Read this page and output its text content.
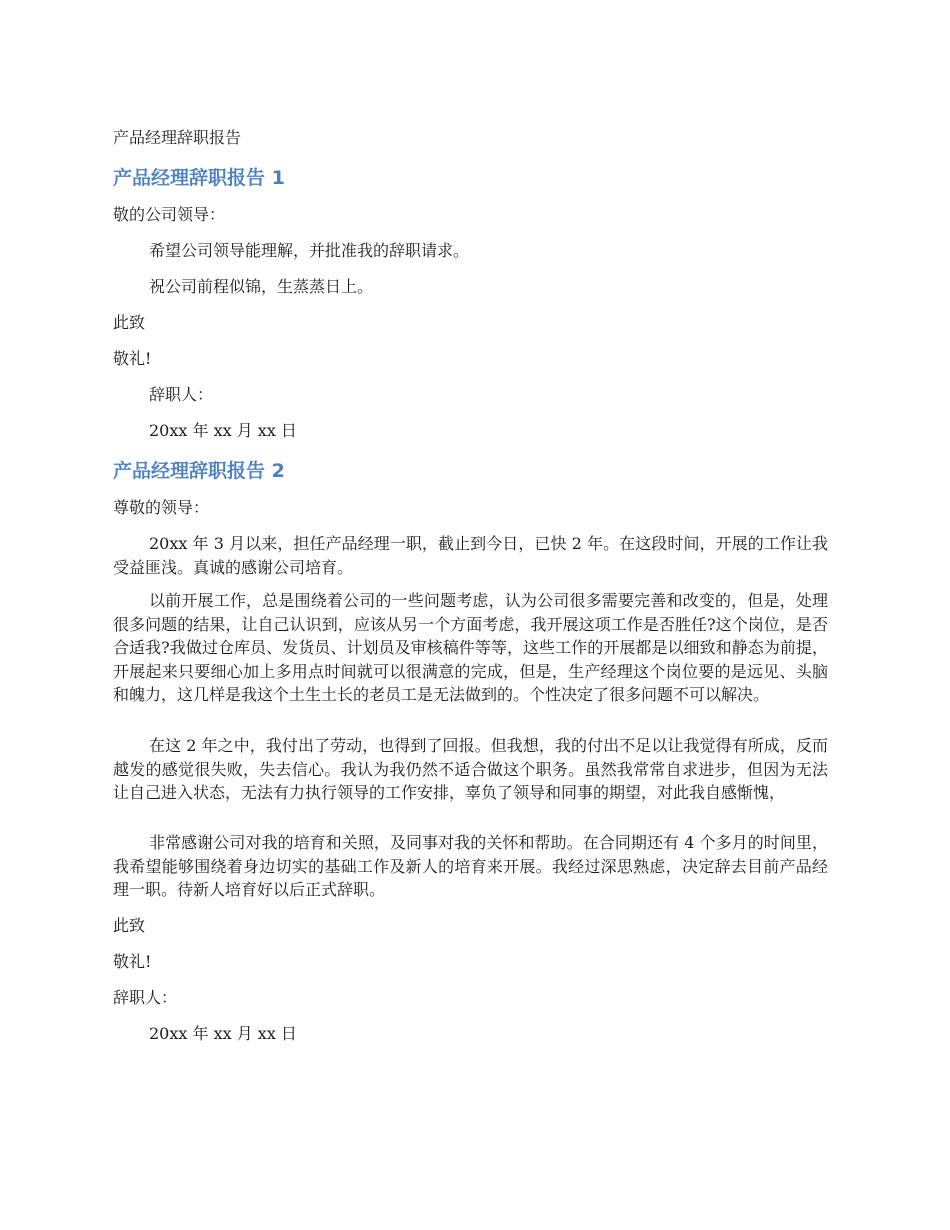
产品经理辞职报告
产品经理辞职报告 1
敬的公司领导：
希望公司领导能理解，并批准我的辞职请求。
祝公司前程似锦，生蒸蒸日上。
此致
敬礼!
辞职人：
20xx 年 xx 月 xx 日
产品经理辞职报告 2
尊敬的领导：
20xx 年 3 月以来，担任产品经理一职，截止到今日，已快 2 年。在这段时间，开展的工作让我受益匪浅。真诚的感谢公司培育。
以前开展工作，总是围绕着公司的一些问题考虑，认为公司很多需要完善和改变的，但是，处理很多问题的结果，让自己认识到，应该从另一个方面考虑，我开展这项工作是否胜任?这个岗位，是否合适我?我做过仓库员、发货员、计划员及审核稿件等等，这些工作的开展都是以细致和静态为前提，开展起来只要细心加上多用点时间就可以很满意的完成，但是，生产经理这个岗位要的是远见、头脑和魄力，这几样是我这个土生土长的老员工是无法做到的。个性决定了很多问题不可以解决。
在这 2 年之中，我付出了劳动，也得到了回报。但我想，我的付出不足以让我觉得有所成，反而越发的感觉很失败，失去信心。我认为我仍然不适合做这个职务。虽然我常常自求进步，但因为无法让自己进入状态，无法有力执行领导的工作安排，辜负了领导和同事的期望，对此我自感惭愧，
非常感谢公司对我的培育和关照，及同事对我的关怀和帮助。在合同期还有 4 个多月的时间里，我希望能够围绕着身边切实的基础工作及新人的培育来开展。我经过深思熟虑，决定辞去目前产品经理一职。待新人培育好以后正式辞职。
此致
敬礼!
辞职人：
20xx 年 xx 月 xx 日
